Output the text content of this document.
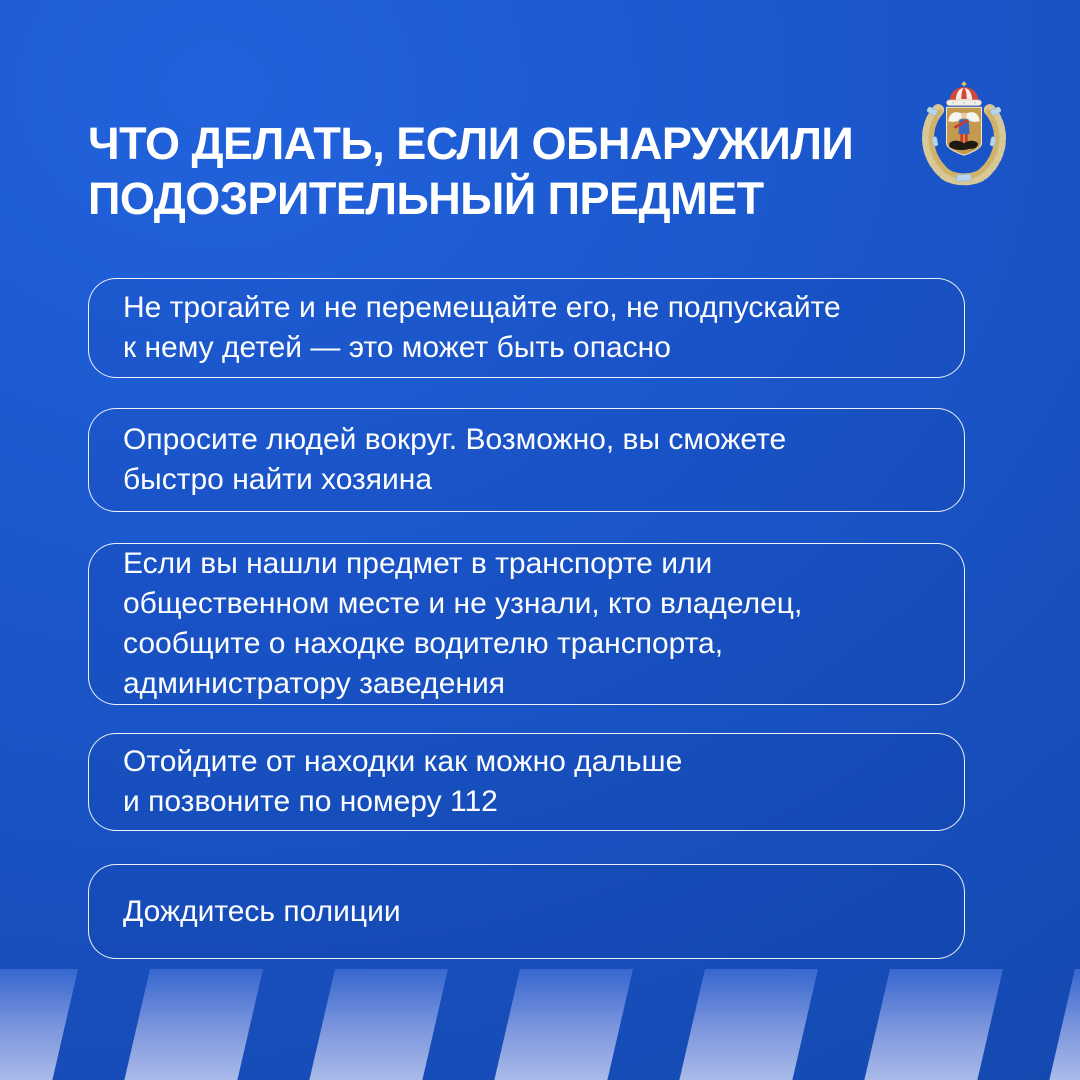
ЧТО ДЕЛАТЬ, ЕСЛИ ОБНАРУЖИЛИ ПОДОЗРИТЕЛЬНЫЙ ПРЕДМЕТ
Не трогайте и не перемещайте его, не подпускайте
к нему детей — это может быть опасно
Опросите людей вокруг. Возможно, вы сможете
быстро найти хозяина
Если вы нашли предмет в транспорте или
общественном месте и не узнали, кто владелец,
сообщите о находке водителю транспорта,
администратору заведения
Отойдите от находки как можно дальше
и позвоните по номеру 112
Дождитесь полиции
